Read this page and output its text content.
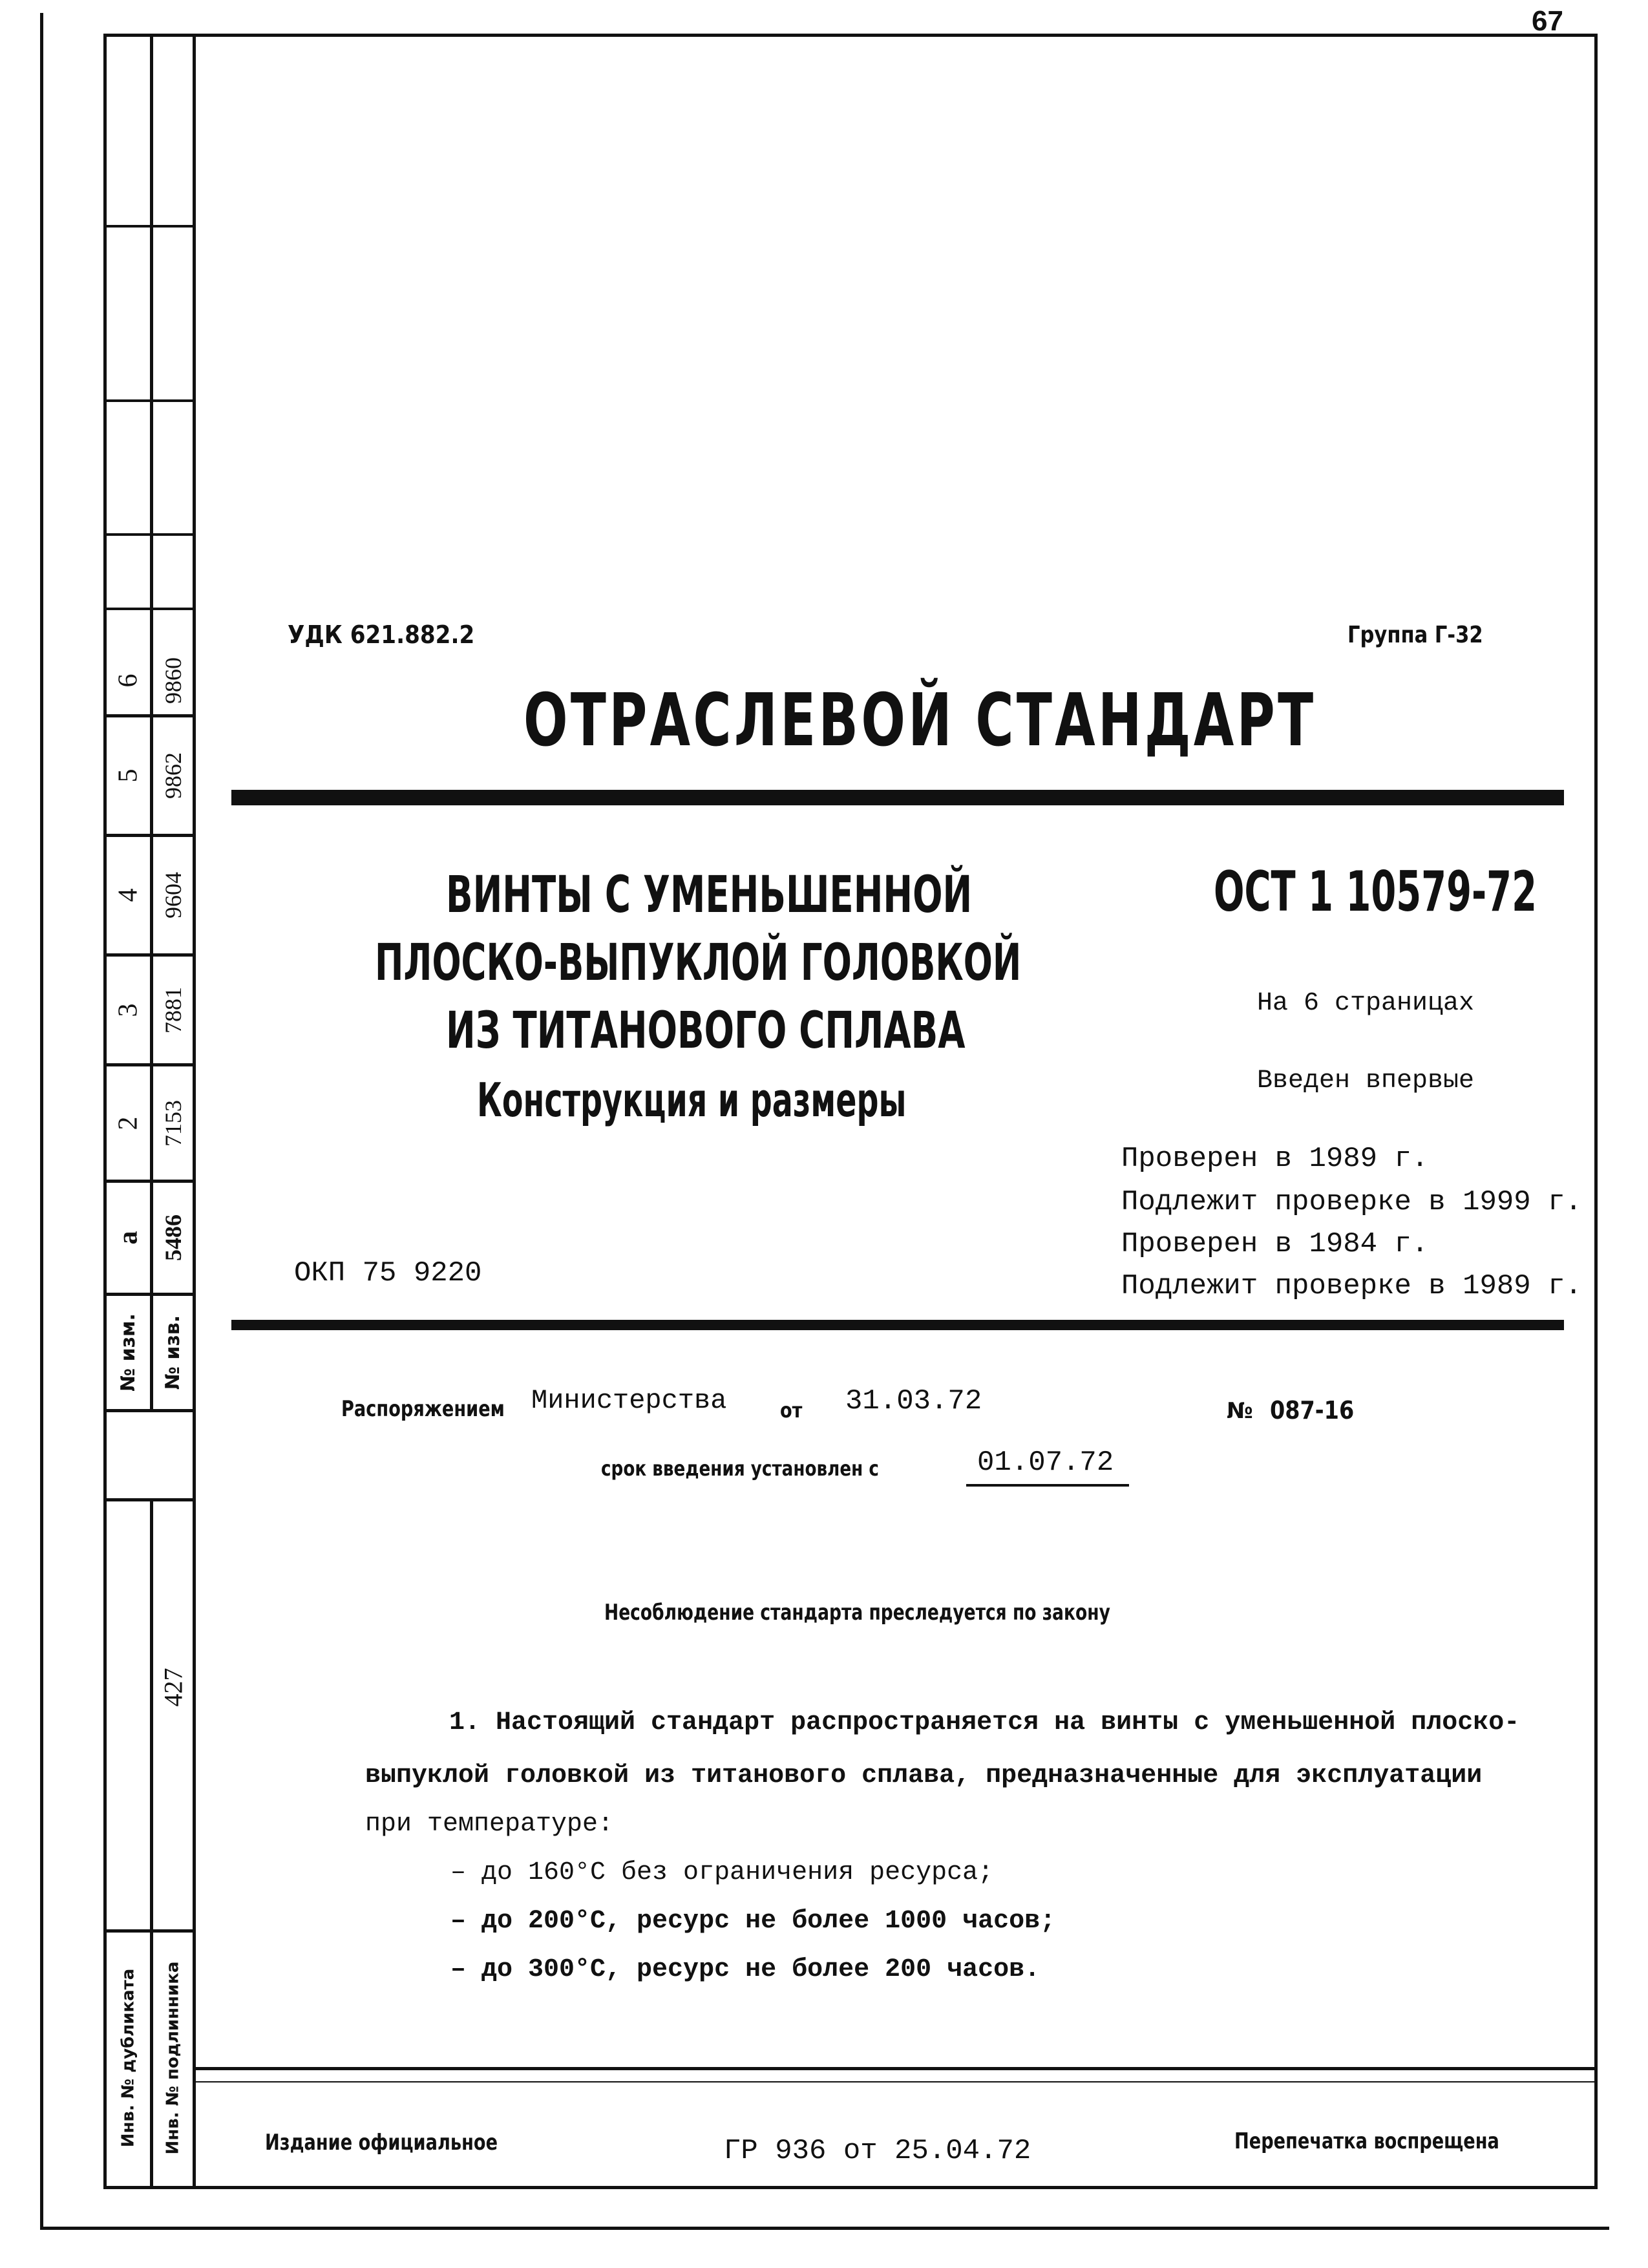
67
6 9860
5 9862
4 9604
3 7881
2 7153
а 5486
№ изм. № изв.
427
Инв. № дубликата Инв. № подлинника
УДК 621.882.2	Группа Г-32
ОТРАСЛЕВОЙ СТАНДАРТ
ВИНТЫ С УМЕНЬШЕННОЙ
ПЛОСКО-ВЫПУКЛОЙ ГОЛОВКОЙ
ИЗ ТИТАНОВОГО СПЛАВА
Конструкция и размеры
ОСТ 1 10579-72
На 6 страницах
Введен впервые
Проверен в 1989 г.
Подлежит проверке в 1999 г.
Проверен в 1984 г.
Подлежит проверке в 1989 г.
ОКП 75 9220
Распоряжением Министерства	от 31.03.72	№ 087-16
срок введения установлен с	01.07.72
Несоблюдение стандарта преследуется по закону
1. Настоящий стандарт распространяется на винты с уменьшенной плоско-
выпуклой головкой из титанового сплава, предназначенные для эксплуатации
при температуре:
– до 160°С без ограничения ресурса;
– до 200°С, ресурс не более 1000 часов;
– до 300°С, ресурс не более 200 часов.
Издание официальное	ГР 936 от 25.04.72	Перепечатка воспрещена
